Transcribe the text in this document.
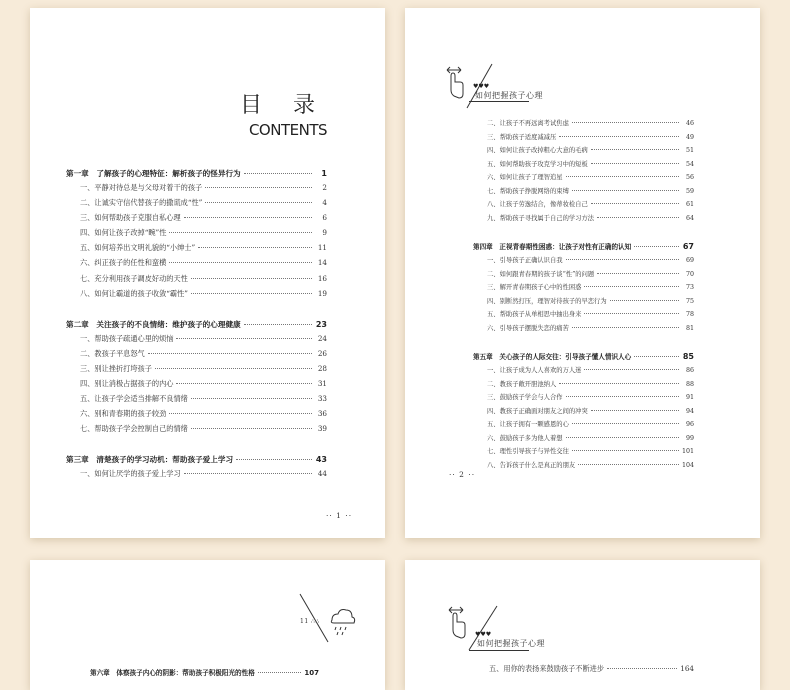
目 录
CONTENTS
第一章　了解孩子的心理特征：解析孩子的怪异行为	1
一、平静对待总是与父母对着干的孩子	2
二、让诚实守信代替孩子的撒谎成“性”	4
三、如何帮助孩子克服自私心理	6
四、如何让孩子改掉“畹”性	9
五、如何培养出文明礼貌的“小绅士”	11
六、纠正孩子的任性和蛮横	14
七、充分利用孩子調皮好动的天性	16
八、如何让霸道的孩子收敛“霸性”	19
第二章　关注孩子的不良情绪：维护孩子的心理健康	23
一、帮助孩子疏通心里的烦恼	24
二、教孩子平息怒气	26
三、别让挫折打垮孩子	28
四、别让消极占据孩子的内心	31
五、让孩子学会适当排解不良情绪	33
六、别和青春期的孩子较劲	36
七、帮助孩子学会控制自己的情绪	39
第三章　清楚孩子的学习动机：帮助孩子爱上学习	43
一、如何让厌学的孩子爱上学习	44
·· 1 ··
♥♥♥
如何把握孩子心理
二、让孩子不再远离考试焦虑	46
三、帮助孩子适度减减压	49
四、如何让孩子改掉粗心大意的毛病	51
五、如何帮助孩子攻克学习中的短板	54
六、如何让孩子了理智追星	56
七、帮助孩子挣脱网络的束缚	59
八、让孩子劳逸结合，像蒂妆检自己	61
九、帮助孩子寻找属于自己的学习方法	64
第四章　正视青春期性困惑：让孩子对性有正确的认知	67
一、引导孩子正确认识自我	69
二、如何跟青春期的孩子谈“性”的问题	70
三、解开青春期孩子心中的性困惑	73
四、别断然打压，理智对待孩子的早恋行为	75
五、帮助孩子从单相思中抽出身来	78
六、引导孩子摆脱失恋的痛苦	81
第五章　关心孩子的人际交往：引导孩子懂人情识人心	85
一、让孩子成为人人喜欢的万人迷	86
二、教孩子敞开胆池纳人	88
三、鼓励孩子学会与人合作	91
四、教孩子正确面对朋友之间的冲突	94
五、让孩子拥有一颗感恩的心	96
六、鼓励孩子多为他人着想	99
七、理性引导孩子与异性交往	101
八、告诉孩子什么是真正的朋友	104
·· 2 ··
11 ∴∴
第六章　体察孩子内心的阴影：帮助孩子积极阳光的性格	107
♥♥♥
如何把握孩子心理
五、用你的表扬来鼓励孩子不断进步	164
